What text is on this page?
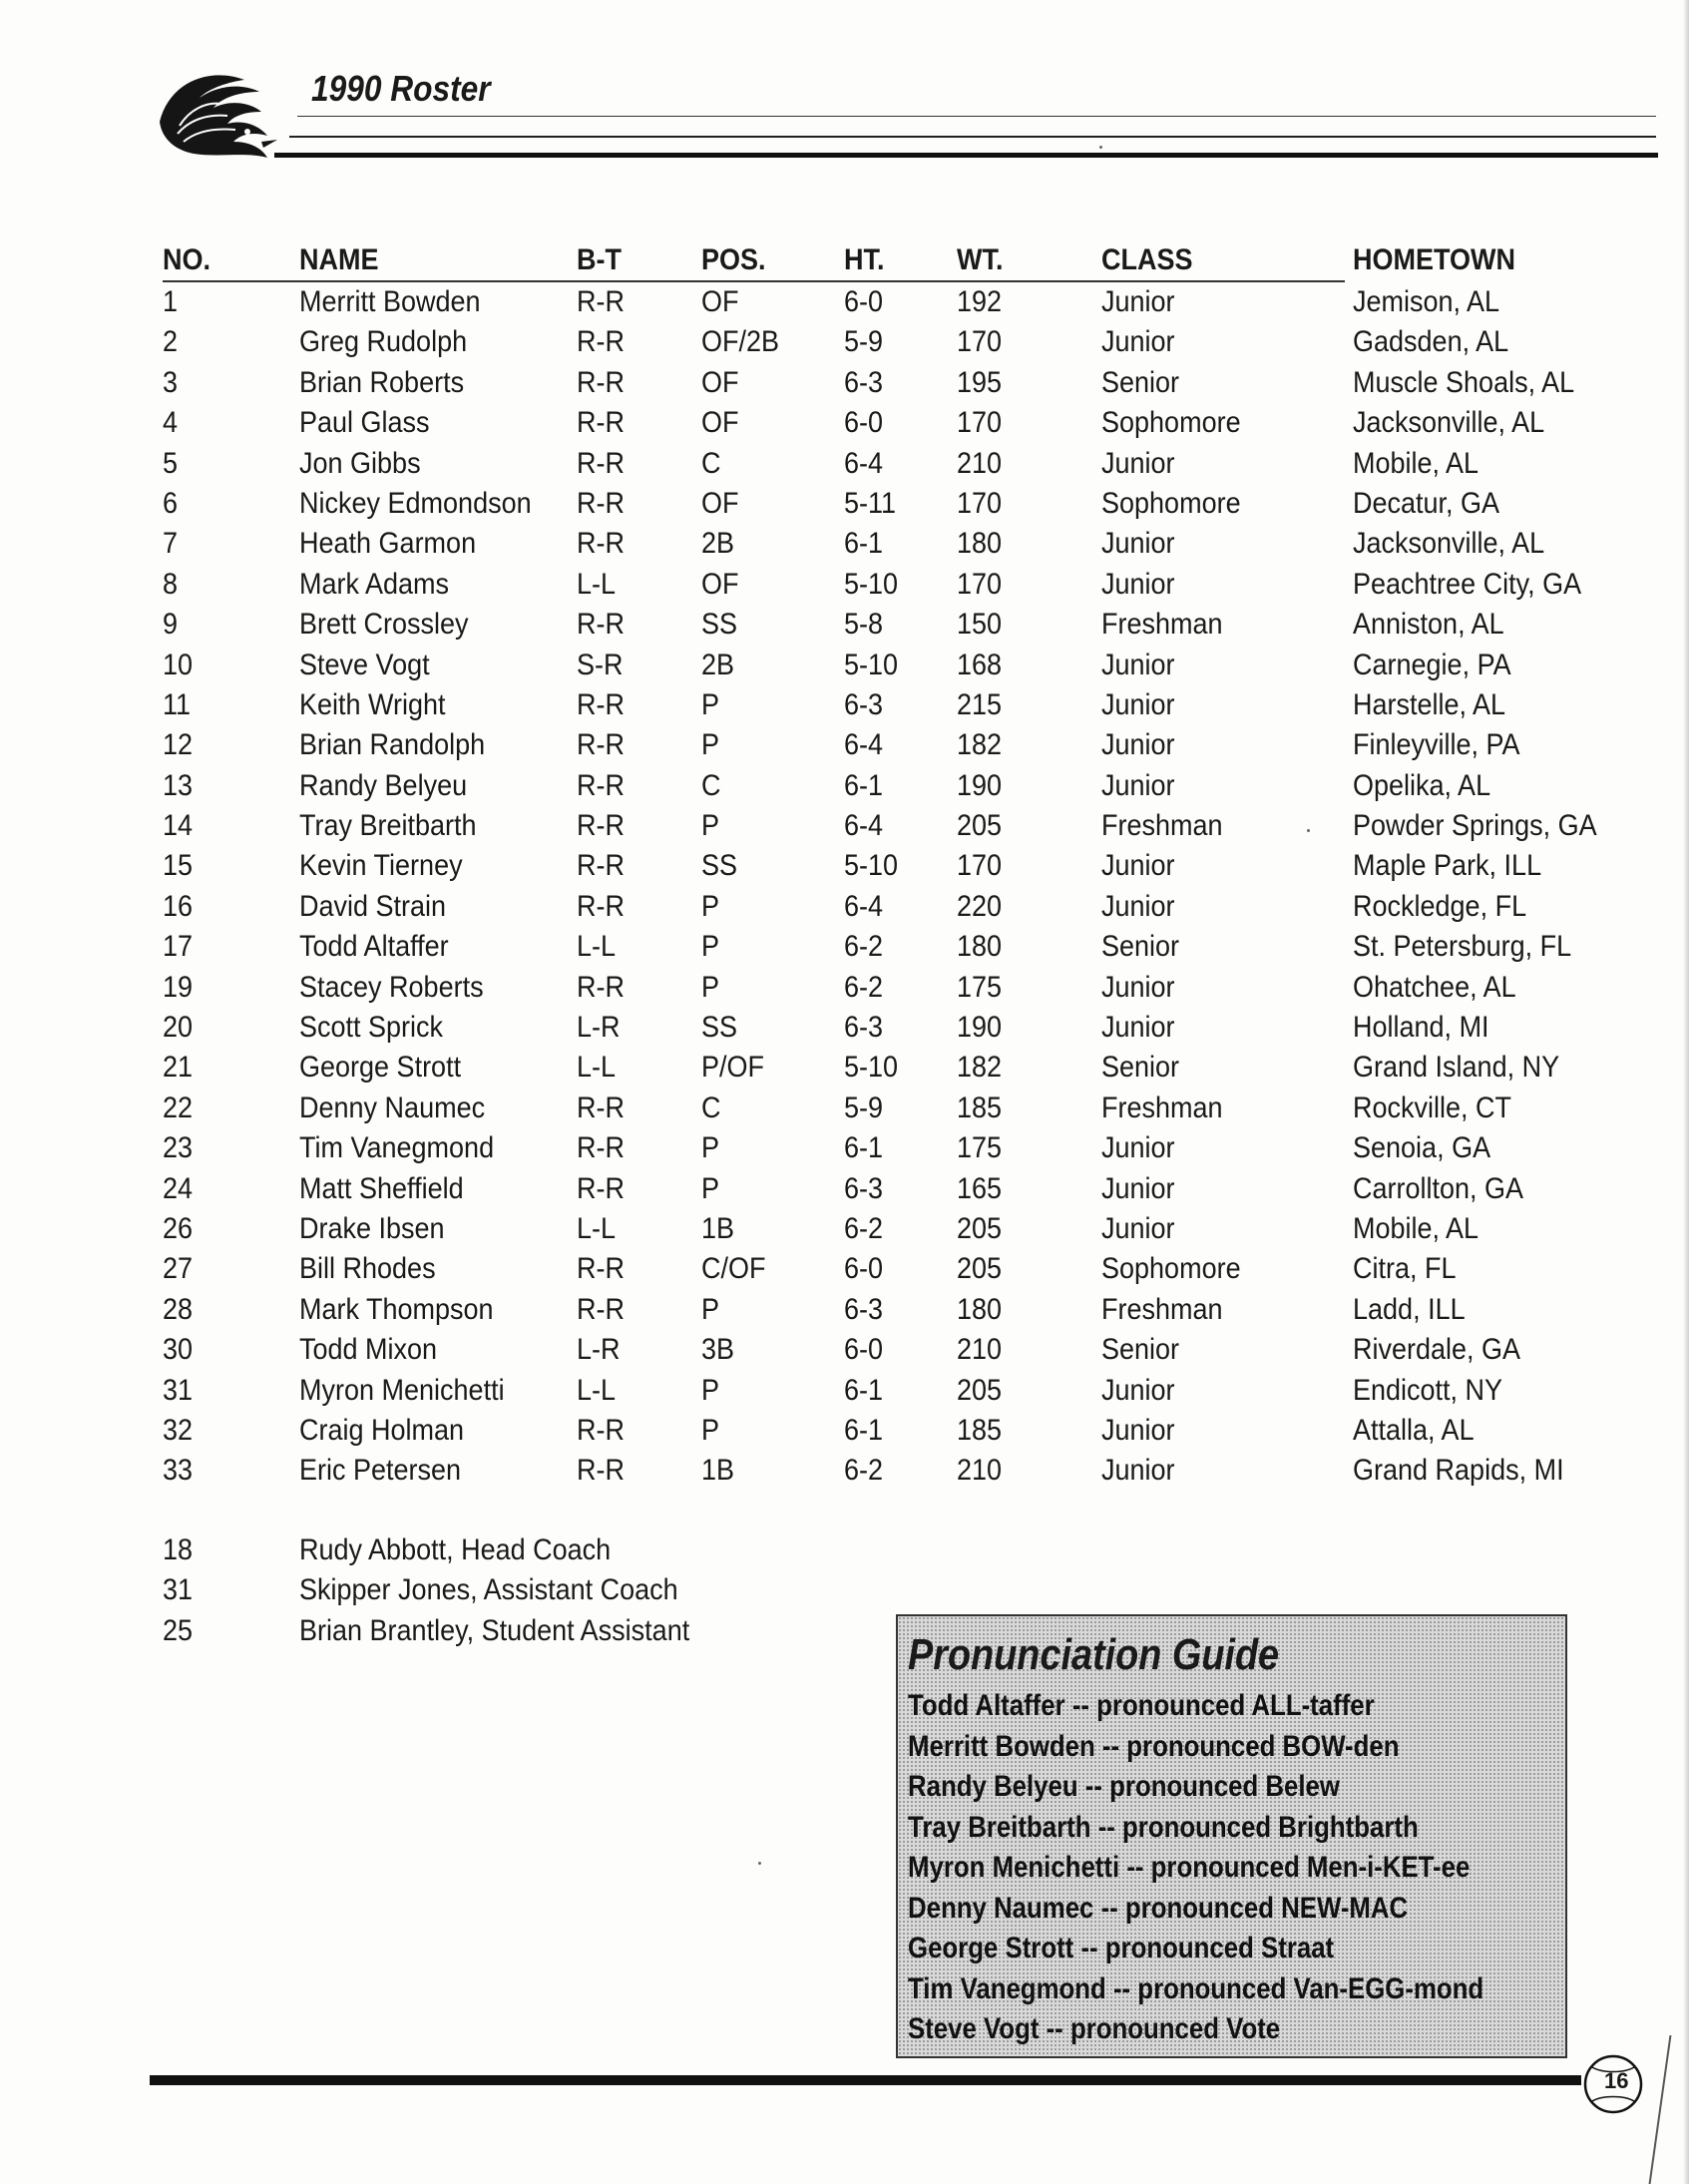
1990 Roster
NO.	NAME	B-T	POS.	HT. WT.	CLASS	HOMETOWN
1	Merritt Bowden	R-R	OF	6-0 192	Junior	Jemison, AL
2	Greg Rudolph	R-R	OF/2B 5-9 170	Junior	Gadsden, AL
3	Brian Roberts	R-R	OF	6-3 195	Senior	Muscle Shoals, AL
4	Paul Glass	R-R	OF	6-0 170	Sophomore	Jacksonville, AL
5	Jon Gibbs	R-R	C	6-4 210	Junior	Mobile, AL
6	Nickey Edmondson R-R	OF	5-11 170	Sophomore	Decatur, GA
7	Heath Garmon	R-R	2B	6-1 180	Junior	Jacksonville, AL
8	Mark Adams	L-L	OF	5-10 170	Junior	Peachtree City, GA
9	Brett Crossley	R-R	SS	5-8 150	Freshman	Anniston, AL
10	Steve Vogt	S-R	2B	5-10 168	Junior	Carnegie, PA
11	Keith Wright	R-R	P	6-3 215	Junior	Harstelle, AL
12	Brian Randolph	R-R	P	6-4 182	Junior	Finleyville, PA
13	Randy Belyeu	R-R	C	6-1 190	Junior	Opelika, AL
14	Tray Breitbarth	R-R	P	6-4 205	Freshman	Powder Springs, GA
15	Kevin Tierney	R-R	SS	5-10 170	Junior	Maple Park, ILL
16	David Strain	R-R	P	6-4 220	Junior	Rockledge, FL
17	Todd Altaffer	L-L	P	6-2 180	Senior	St. Petersburg, FL
19	Stacey Roberts	R-R	P	6-2 175	Junior	Ohatchee, AL
20	Scott Sprick	L-R	SS	6-3 190	Junior	Holland, MI
21	George Strott	L-L	P/OF	5-10 182	Senior	Grand Island, NY
22	Denny Naumec	R-R	C	5-9 185	Freshman	Rockville, CT
23	Tim Vanegmond	R-R	P	6-1 175	Junior	Senoia, GA
24	Matt Sheffield	R-R	P	6-3 165	Junior	Carrollton, GA
26	Drake Ibsen	L-L	1B	6-2 205	Junior	Mobile, AL
27	Bill Rhodes	R-R	C/OF	6-0 205	Sophomore	Citra, FL
28	Mark Thompson	R-R	P	6-3 180	Freshman	Ladd, ILL
30	Todd Mixon	L-R	3B	6-0 210	Senior	Riverdale, GA
31	Myron Menichetti L-L	P	6-1 205	Junior	Endicott, NY
32	Craig Holman	R-R	P	6-1 185	Junior	Attalla, AL
33	Eric Petersen	R-R	1B	6-2 210	Junior	Grand Rapids, MI
18	Rudy Abbott, Head Coach
31	Skipper Jones, Assistant Coach
25	Brian Brantley, Student Assistant	Pronunciation Guide
Todd Altaffer -- pronounced ALL-taffer
Merritt Bowden -- pronounced BOW-den
Randy Belyeu -- pronounced Belew
Tray Breitbarth -- pronounced Brightbarth
Myron Menichetti -- pronounced Men-i-KET-ee
Denny Naumec -- pronounced NEW-MAC
George Strott -- pronounced Straat
Tim Vanegmond -- pronounced Van-EGG-mond
Steve Vogt -- pronounced Vote
16
